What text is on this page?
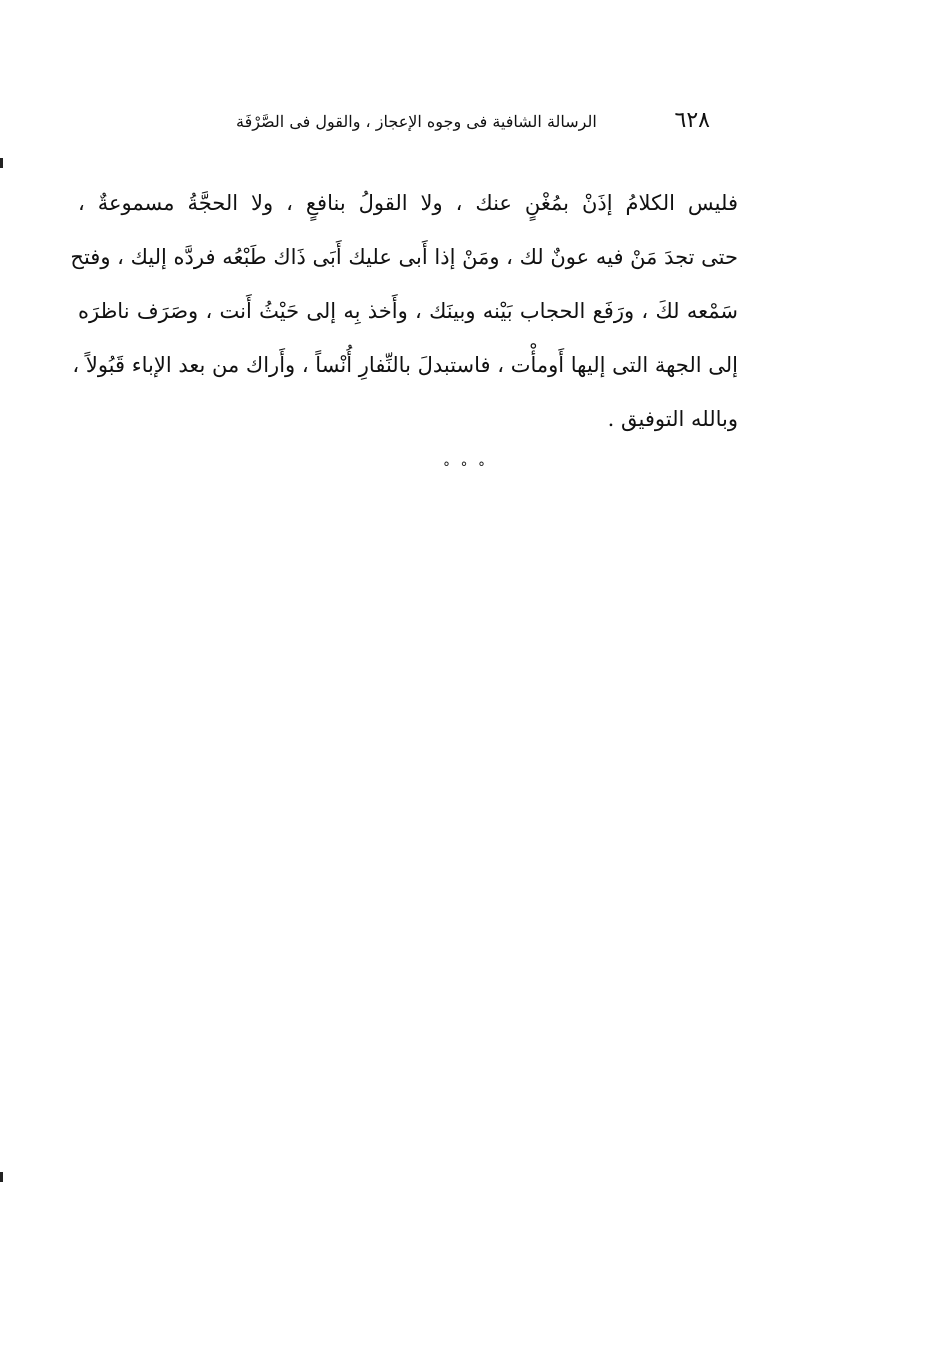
٦٢٨
الرسالة الشافية فى وجوه الإعجاز ، والقول فى الصَّرْفَة
فليس الكلامُ إذَنْ بمُغْنٍ عنك ، ولا القولُ بنافعٍ ، ولا الحجَّةُ مسموعةٌ ،
حتى تجدَ مَنْ فيه عونٌ لك ، ومَنْ إذا أَبى عليك أَبَى ذَاك طَبْعُه فردَّه إليك ، وفتح
سَمْعه لكَ ، ورَفَع الحجاب بَيْنه وبينَك ، وأَخذ بِه إلى حَيْثُ أَنت ، وصَرَف ناظرَه
إلى الجهة التى إليها أَومأْت ، فاستبدلَ بالنِّفارِ أُنْساً ، وأَراك من بعد الإباء قَبُولاً ،
وبالله التوفيق .
° ° °
